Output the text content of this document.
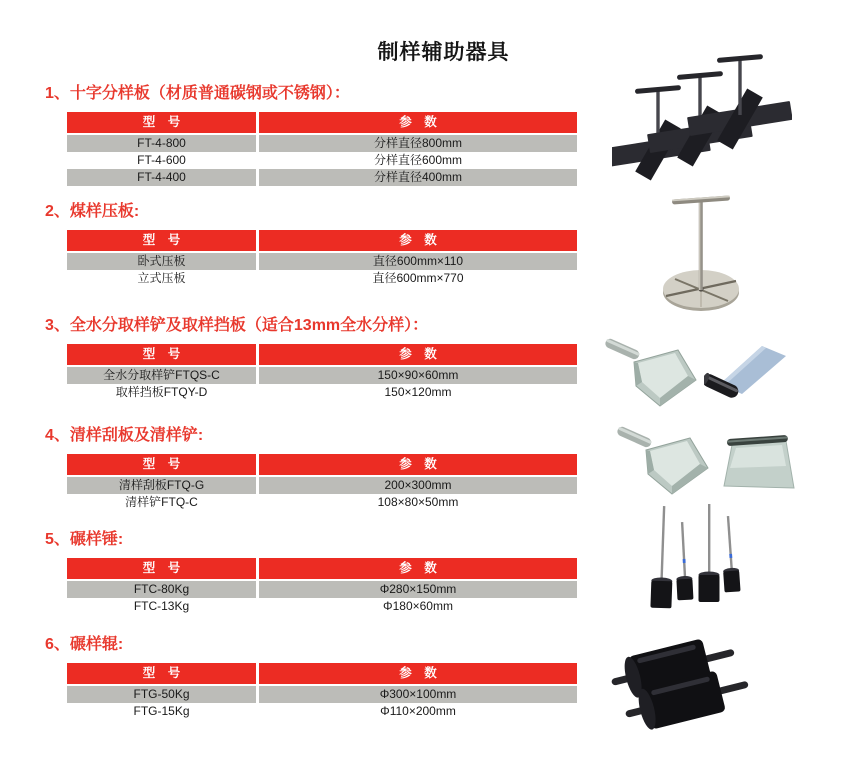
制样辅助器具
1、十字分样板（材质普通碳钢或不锈钢）：
型　号	参　数
FT-4-800	分样直径800mm
FT-4-600	分样直径600mm
FT-4-400	分样直径400mm
2、煤样压板:
型　号	参　数
卧式压板	直径600mm×110
立式压板	直径600mm×770
3、全水分取样铲及取样挡板（适合13mm全水分样）：
型　号	参　数
全水分取样铲FTQS-C	150×90×60mm
取样挡板FTQY-D	150×120mm
4、清样刮板及清样铲:
型　号	参　数
清样刮板FTQ-G	200×300mm
清样铲FTQ-C	108×80×50mm
5、碾样锤:
型　号	参　数
FTC-80Kg	Φ280×150mm
FTC-13Kg	Φ180×60mm
6、碾样辊:
型　号	参　数
FTG-50Kg	Φ300×100mm
FTG-15Kg	Φ110×200mm
